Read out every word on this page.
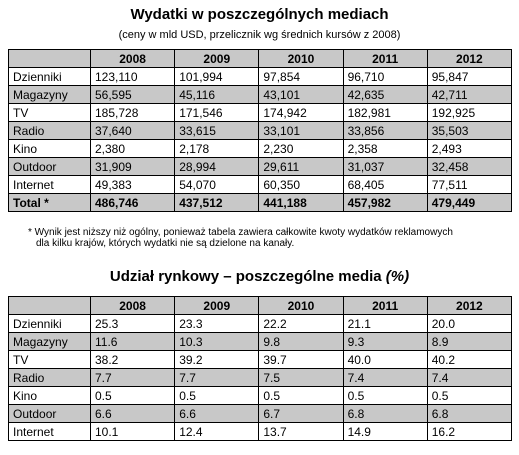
Wydatki w poszczególnych mediach
(ceny w mld USD, przelicznik wg średnich kursów z 2008)
	2008	2009	2010	2011	2012
Dzienniki	123,110	101,994	97,854	96,710	95,847
Magazyny	56,595	45,116	43,101	42,635	42,711
TV	185,728	171,546	174,942	182,981	192,925
Radio	37,640	33,615	33,101	33,856	35,503
Kino	2,380	2,178	2,230	2,358	2,493
Outdoor	31,909	28,994	29,611	31,037	32,458
Internet	49,383	54,070	60,350	68,405	77,511
Total *	486,746	437,512	441,188	457,982	479,449
* Wynik jest niższy niż ogólny, ponieważ tabela zawiera całkowite kwoty wydatków reklamowych
dla kilku krajów, których wydatki nie są dzielone na kanały.
Udział rynkowy – poszczególne media (%)
	2008	2009	2010	2011	2012
Dzienniki	25.3	23.3	22.2	21.1	20.0
Magazyny	11.6	10.3	9.8	9.3	8.9
TV	38.2	39.2	39.7	40.0	40.2
Radio	7.7	7.7	7.5	7.4	7.4
Kino	0.5	0.5	0.5	0.5	0.5
Outdoor	6.6	6.6	6.7	6.8	6.8
Internet	10.1	12.4	13.7	14.9	16.2
